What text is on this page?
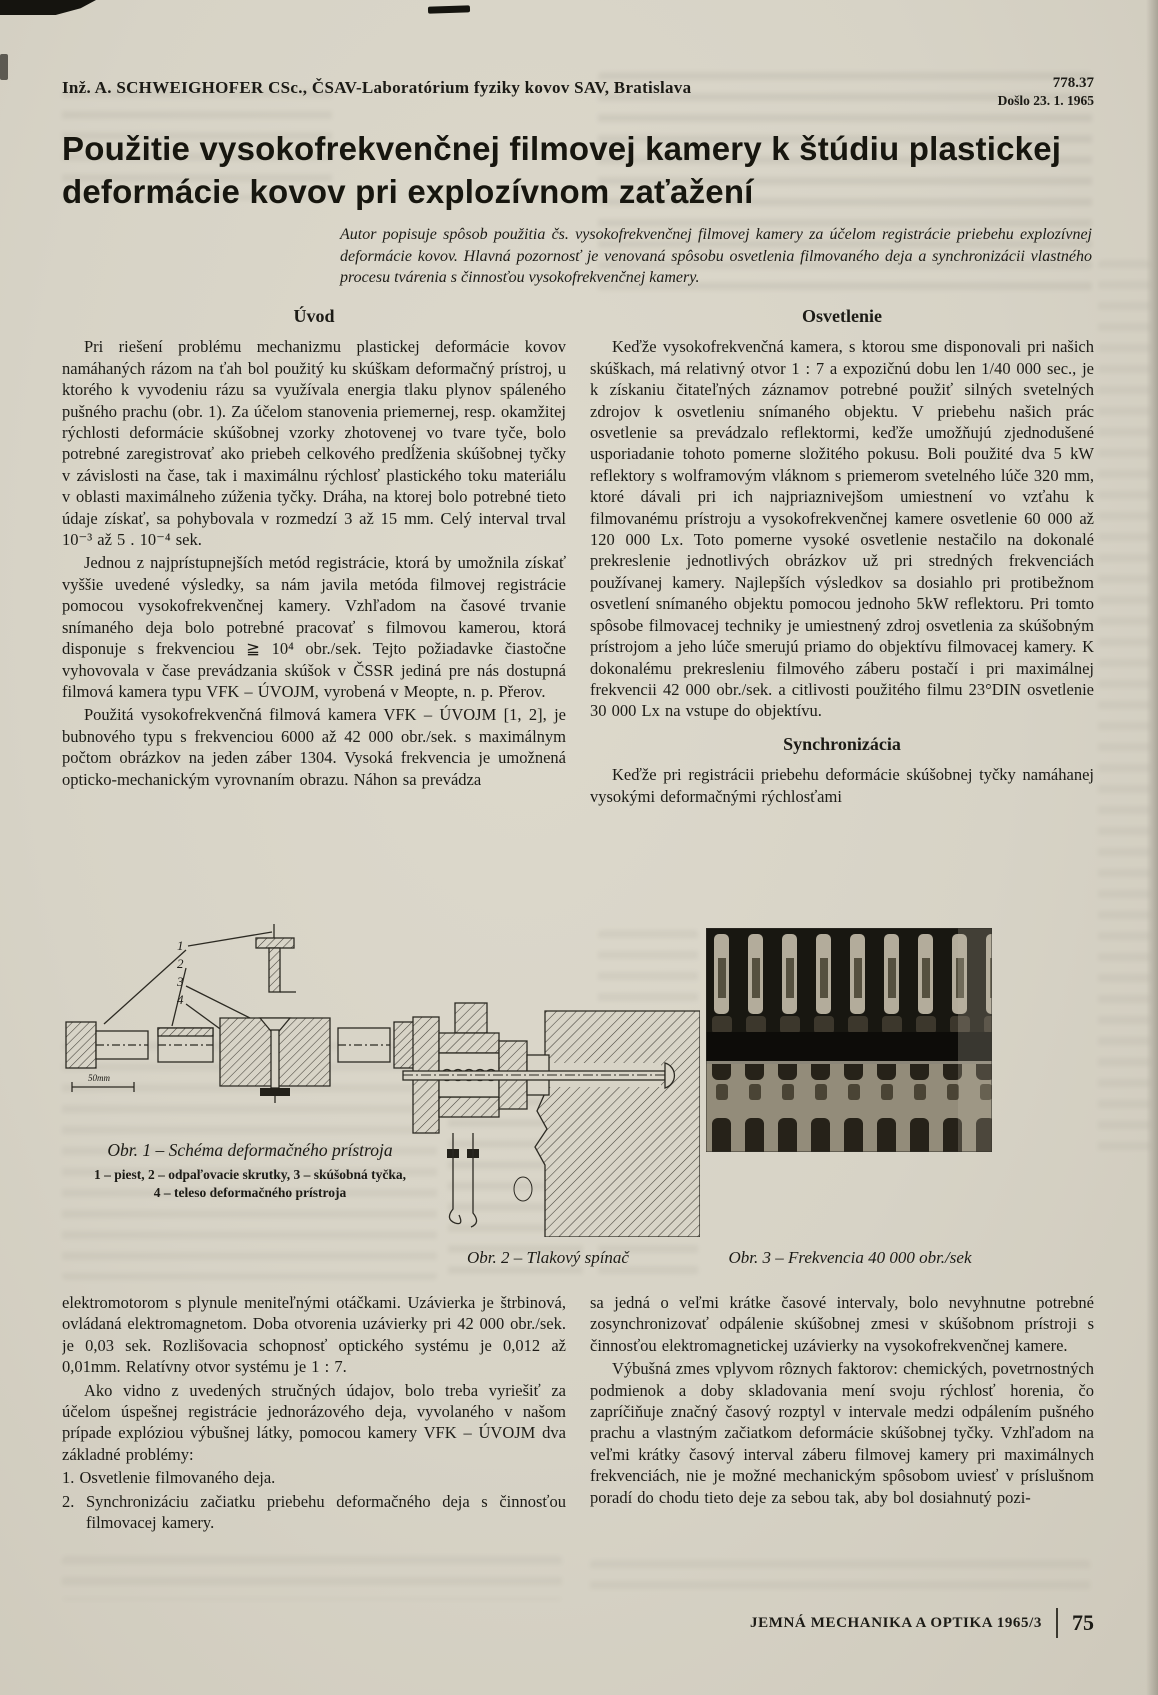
Inž. A. SCHWEIGHOFER CSc., ČSAV-Laboratórium fyziky kovov SAV, Bratislava	778.37
Došlo 23. 1. 1965
Použitie vysokofrekvenčnej filmovej kamery k štúdiu plastickej
deformácie kovov pri explozívnom zaťažení
Autor popisuje spôsob použitia čs. vysokofrekvenčnej filmovej kamery za účelom registrácie priebehu explozívnej deformácie kovov. Hlavná pozornosť je venovaná spôsobu osvetlenia filmovaného deja a synchronizácii vlastného procesu tvárenia s činnosťou vysokofrekvenčnej kamery.
Úvod

Pri riešení problému mechanizmu plastickej deformácie kovov namáhaných rázom na ťah bol použitý ku skúškam deformačný prístroj, u ktorého k vyvodeniu rázu sa využívala energia tlaku plynov spáleného pušného prachu (obr. 1). Za účelom stanovenia priemernej, resp. okamžitej rýchlosti deformácie skúšobnej vzorky zhotovenej vo tvare tyče, bolo potrebné zaregistrovať ako priebeh celkového predĺženia skúšobnej tyčky v závislosti na čase, tak i maximálnu rýchlosť plastického toku materiálu v oblasti maximálneho zúženia tyčky. Dráha, na ktorej bolo potrebné tieto údaje získať, sa pohybovala v rozmedzí 3 až 15 mm. Celý interval trval 10⁻³ až 5 . 10⁻⁴ sek.

Jednou z najprístupnejších metód registrácie, ktorá by umožnila získať vyššie uvedené výsledky, sa nám javila metóda filmovej registrácie pomocou vysokofrekvenčnej kamery. Vzhľadom na časové trvanie snímaného deja bolo potrebné pracovať s filmovou kamerou, ktorá disponuje s frekvenciou ≧ 10⁴ obr./sek. Tejto požiadavke čiastočne vyhovovala v čase prevádzania skúšok v ČSSR jediná pre nás dostupná filmová kamera typu VFK – ÚVOJM, vyrobená v Meopte, n. p. Přerov.

Použitá vysokofrekvenčná filmová kamera VFK – ÚVOJM [1, 2], je bubnového typu s frekvenciou 6000 až 42 000 obr./sek. s maximálnym počtom obrázkov na jeden záber 1304. Vysoká frekvencia je umožnená opticko-mechanickým vyrovnaním obrazu. Náhon sa prevádza

Osvetlenie

Keďže vysokofrekvenčná kamera, s ktorou sme disponovali pri našich skúškach, má relativný otvor 1 : 7 a expozičnú dobu len 1/40 000 sec., je k získaniu čitateľných záznamov potrebné použiť silných svetelných zdrojov k osvetleniu snímaného objektu. V priebehu našich prác osvetlenie sa prevádzalo reflektormi, keďže umožňujú zjednodušené usporiadanie tohoto pomerne složitého pokusu. Boli použité dva 5 kW reflektory s wolframovým vláknom s priemerom svetelného lúče 320 mm, ktoré dávali pri ich najpriaznivejšom umiestnení vo vzťahu k filmovanému prístroju a vysokofrekvenčnej kamere osvetlenie 60 000 až 120 000 Lx. Toto pomerne vysoké osvetlenie nestačilo na dokonalé prekreslenie jednotlivých obrázkov už pri stredných frekvenciách používanej kamery. Najlepších výsledkov sa dosiahlo pri protibežnom osvetlení snímaného objektu pomocou jednoho 5kW reflektoru. Pri tomto spôsobe filmovacej techniky je umiestnený zdroj osvetlenia za skúšobným prístrojom a jeho lúče smerujú priamo do objektívu filmovacej kamery. K dokonalému prekresleniu filmového záberu postačí i pri maximálnej frekvencii 42 000 obr./sek. a citlivosti použitého filmu 23°DIN osvetlenie 30 000 Lx na vstupe do objektívu.

Synchronizácia

Keďže pri registrácii priebehu deformácie skúšobnej tyčky namáhanej vysokými deformačnými rýchlosťami

1
2
3
4
50mm
Obr. 1 – Schéma deformačného prístroja
1 – piest, 2 – odpaľovacie skrutky, 3 – skúšobná tyčka,
4 – teleso deformačného prístroja
Obr. 2 – Tlakový spínač	Obr. 3 – Frekvencia 40 000 obr./sek

elektromotorom s plynule meniteľnými otáčkami. Uzávierka je štrbinová, ovládaná elektromagnetom. Doba otvorenia uzávierky pri 42 000 obr./sek. je 0,03 sek. Rozlišovacia schopnosť optického systému je 0,012 až 0,01mm. Relatívny otvor systému je 1 : 7.

Ako vidno z uvedených stručných údajov, bolo treba vyriešiť za účelom úspešnej registrácie jednorázového deja, vyvolaného v našom prípade explóziou výbušnej látky, pomocou kamery VFK – ÚVOJM dva základné problémy:

1. Osvetlenie filmovaného deja.

2. Synchronizáciu začiatku priebehu deformačného deja s činnosťou filmovacej kamery.

sa jedná o veľmi krátke časové intervaly, bolo nevyhnutne potrebné zosynchronizovať odpálenie skúšobnej zmesi v skúšobnom prístroji s činnosťou elektromagnetickej uzávierky na vysokofrekvenčnej kamere.

Výbušná zmes vplyvom rôznych faktorov: chemických, povetrnostných podmienok a doby skladovania mení svoju rýchlosť horenia, čo zapríčiňuje značný časový rozptyl v intervale medzi odpálením pušného prachu a vlastným začiatkom deformácie skúšobnej tyčky. Vzhľadom na veľmi krátky časový interval záberu filmovej kamery pri maximálnych frekvenciách, nie je možné mechanickým spôsobom uviesť v príslušnom poradí do chodu tieto deje za sebou tak, aby bol dosiahnutý pozi-

JEMNÁ MECHANIKA A OPTIKA 1965/3 75
